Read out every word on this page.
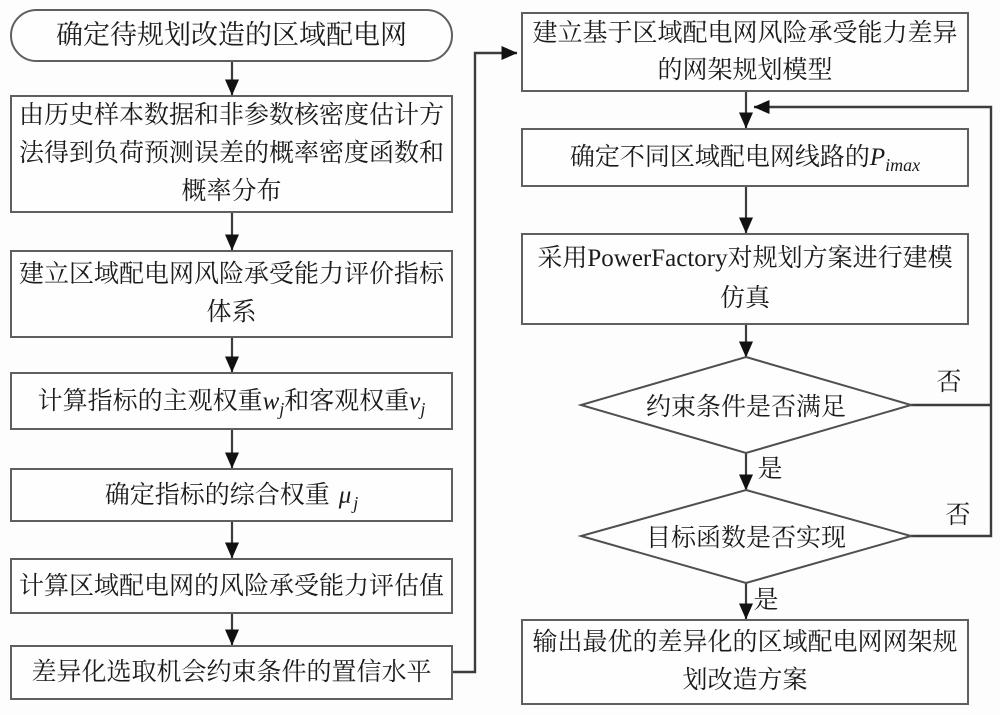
确定待规划改造的区域配电网
由历史样本数据和非参数核密度估计方
法得到负荷预测误差的概率密度函数和
概率分布
建立区域配电网风险承受能力评价指标
体系
计算指标的主观权重$w_j$和客观权重$v_j$
确定指标的综合权重 μ $_j$
计算区域配电网的风险承受能力评估值
差异化选取机会约束条件的置信水平
建立基于区域配电网风险承受能力差异
的网架规划模型
确定不同区域配电网线路的$P_{imax}$
采用PowerFactory对规划方案进行建模
仿真
输出最优的差异化的区域配电网网架规
划改造方案
约束条件是否满足
目标函数是否实现
否
是
否
是
